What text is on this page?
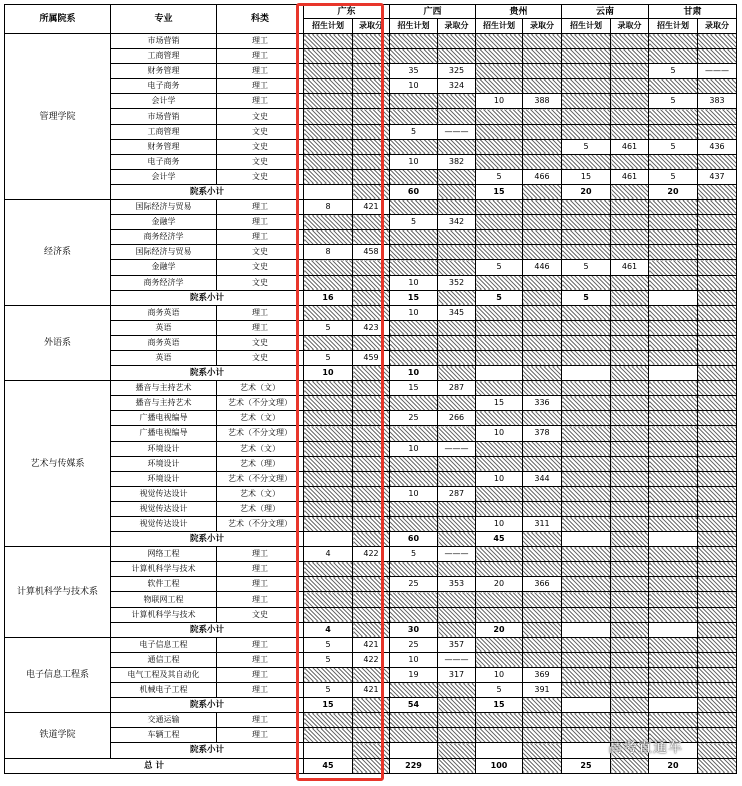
所属院系	专业	科类	广东		广西		贵州		云南		甘肃	
			招生计划	录取分	招生计划	录取分	招生计划	录取分	招生计划	录取分	招生计划	录取分
管理学院	市场营销	理工										
	工商管理	理工										
	财务管理	理工			35	325					5	———
	电子商务	理工			10	324						
	会计学	理工					10	388			5	383
	市场营销	文史										
	工商管理	文史			5	———						
	财务管理	文史							5	461	5	436
	电子商务	文史			10	382						
	会计学	文史					5	466	15	461	5	437
	院系小计				60		15		20		20	
经济系	国际经济与贸易	理工	8	421								
	金融学	理工			5	342						
	商务经济学	理工										
	国际经济与贸易	文史	8	458								
	金融学	文史					5	446	5	461		
	商务经济学	文史			10	352						
	院系小计		16		15		5		5			
外语系	商务英语	理工			10	345						
	英语	理工	5	423								
	商务英语	文史										
	英语	文史	5	459								
	院系小计		10		10							
艺术与传媒系	播音与主持艺术	艺术（文）			15	287						
	播音与主持艺术	艺术（不分文理）					15	336				
	广播电视编导	艺术（文）			25	266						
	广播电视编导	艺术（不分文理）					10	378				
	环境设计	艺术（文）			10	———						
	环境设计	艺术（理）										
	环境设计	艺术（不分文理）					10	344				
	视觉传达设计	艺术（文）			10	287						
	视觉传达设计	艺术（理）										
	视觉传达设计	艺术（不分文理）					10	311				
	院系小计				60		45					
计算机科学与技术系	网络工程	理工	4	422	5	———						
	计算机科学与技术	理工										
	软件工程	理工			25	353	20	366				
	物联网工程	理工										
	计算机科学与技术	文史										
	院系小计		4		30		20					
电子信息工程系	电子信息工程	理工	5	421	25	357						
	通信工程	理工	5	422	10	———						
	电气工程及其自动化	理工			19	317	10	369				
	机械电子工程	理工	5	421			5	391				
	院系小计		15		54		15					
铁道学院	交通运输	理工										
	车辆工程	理工										
	院系小计											
总 计			45		229		100		25		20	
高考直通车
